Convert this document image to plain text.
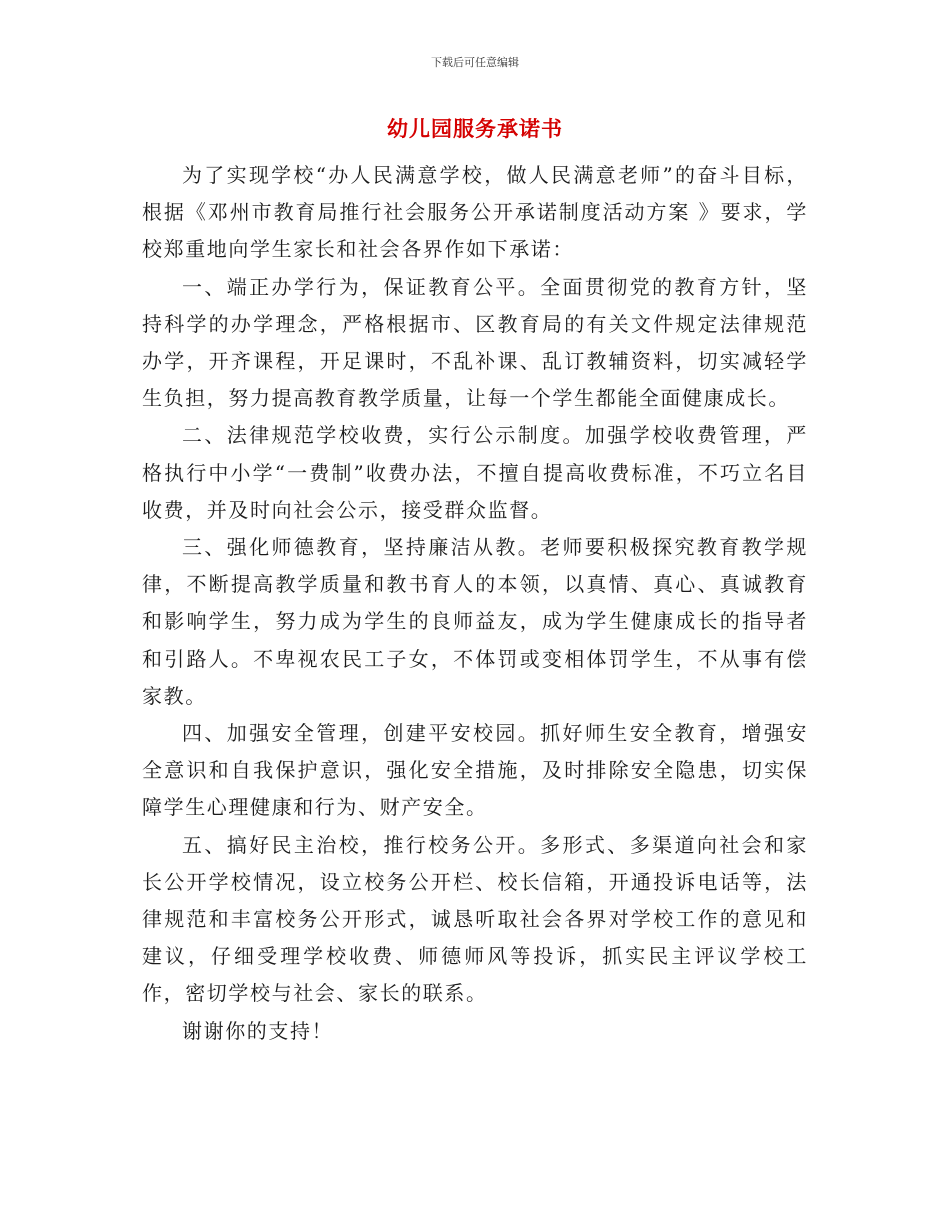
下载后可任意编辑
幼儿园服务承诺书

为了实现学校“办人民满意学校，做人民满意老师”的奋斗目标，根据《邓州市教育局推行社会服务公开承诺制度活动方案 》要求，学校郑重地向学生家长和社会各界作如下承诺：

一、端正办学行为，保证教育公平。全面贯彻党的教育方针，坚持科学的办学理念，严格根据市、区教育局的有关文件规定法律规范办学，开齐课程，开足课时，不乱补课、乱订教辅资料，切实减轻学生负担，努力提高教育教学质量，让每一个学生都能全面健康成长。

二、法律规范学校收费，实行公示制度。加强学校收费管理，严格执行中小学“一费制”收费办法，不擅自提高收费标准，不巧立名目收费，并及时向社会公示，接受群众监督。

三、强化师德教育，坚持廉洁从教。老师要积极探究教育教学规律，不断提高教学质量和教书育人的本领，以真情、真心、真诚教育和影响学生，努力成为学生的良师益友，成为学生健康成长的指导者和引路人。不卑视农民工子女，不体罚或变相体罚学生，不从事有偿家教。

四、加强安全管理，创建平安校园。抓好师生安全教育，增强安全意识和自我保护意识，强化安全措施，及时排除安全隐患，切实保障学生心理健康和行为、财产安全。

五、搞好民主治校，推行校务公开。多形式、多渠道向社会和家长公开学校情况，设立校务公开栏、校长信箱，开通投诉电话等，法律规范和丰富校务公开形式，诚恳听取社会各界对学校工作的意见和建议，仔细受理学校收费、师德师风等投诉，抓实民主评议学校工作，密切学校与社会、家长的联系。

谢谢你的支持！
